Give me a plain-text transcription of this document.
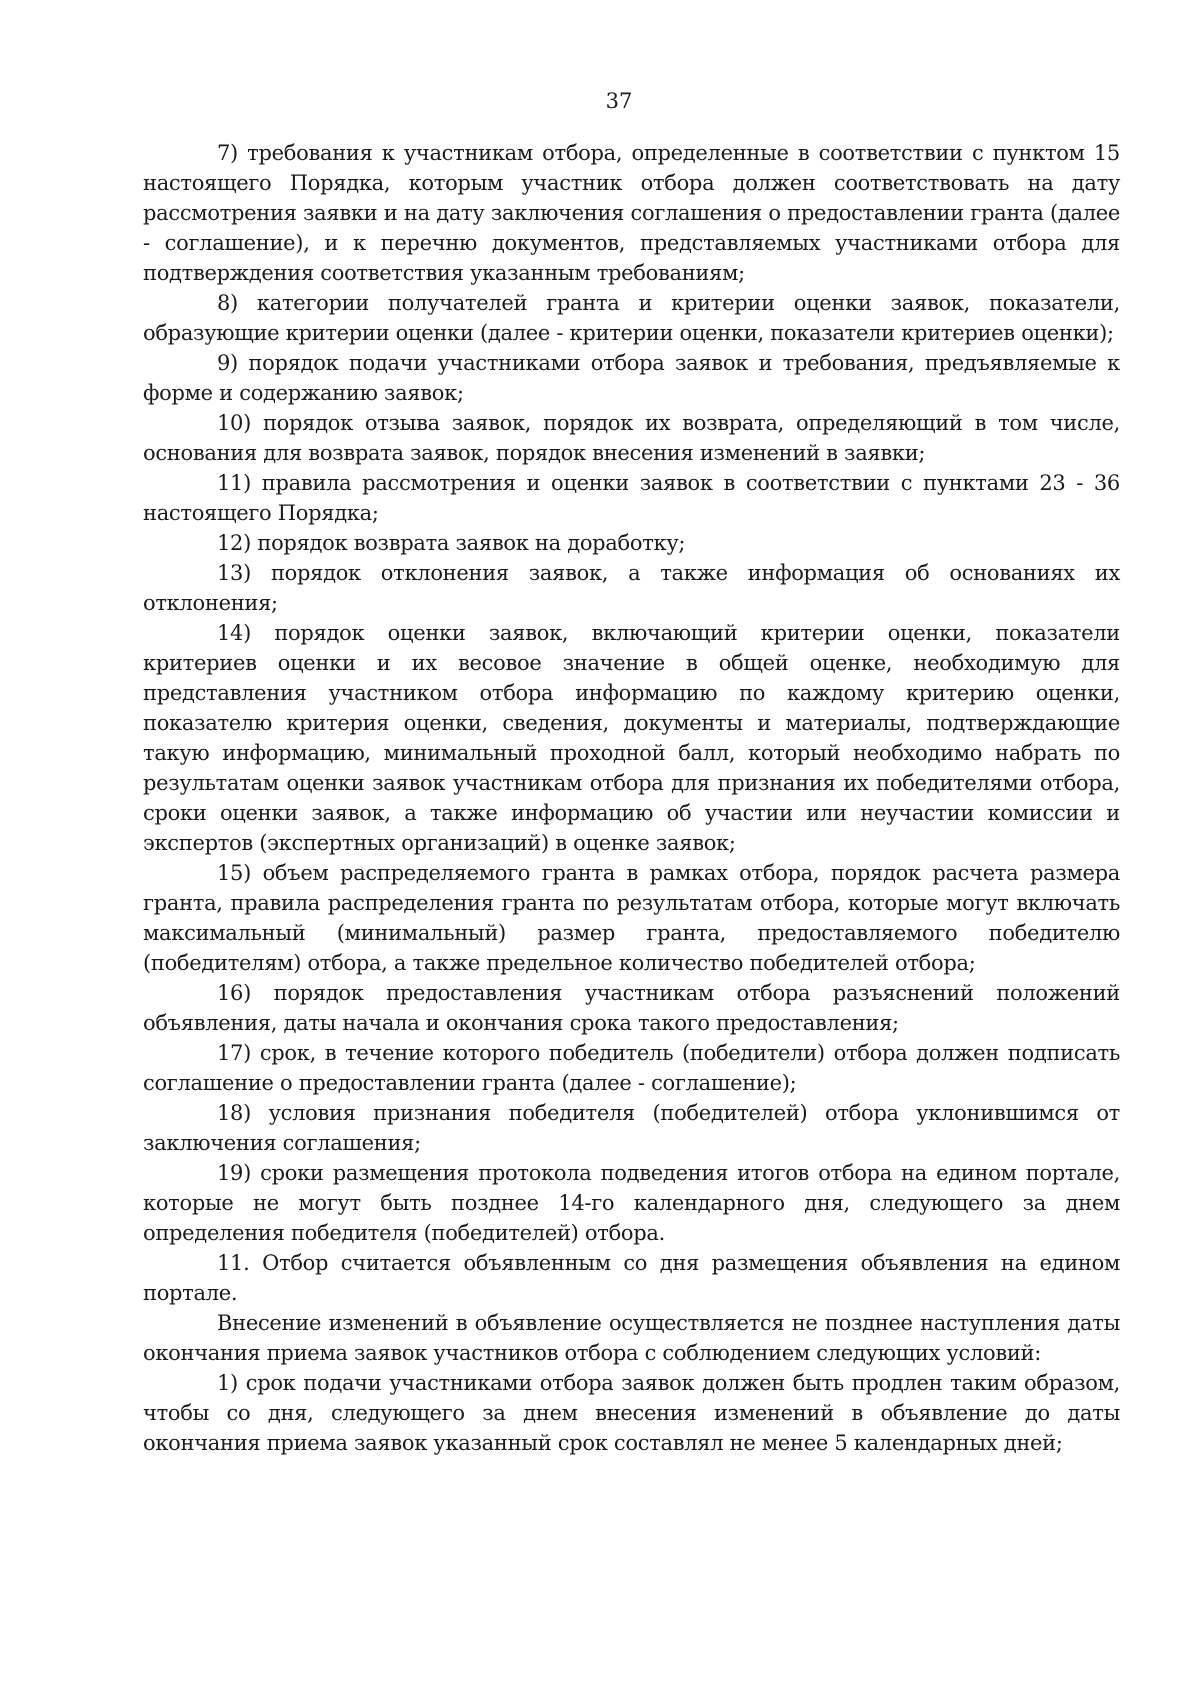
37

7) требования к участникам отбора, определенные в соответствии с пунктом 15 настоящего Порядка, которым участник отбора должен соответствовать на дату рассмотрения заявки и на дату заключения соглашения о предоставлении гранта (далее - соглашение), и к перечню документов, представляемых участниками отбора для подтверждения соответствия указанным требованиям;

8) категории получателей гранта и критерии оценки заявок, показатели, образующие критерии оценки (далее - критерии оценки, показатели критериев оценки);

9) порядок подачи участниками отбора заявок и требования, предъявляемые к форме и содержанию заявок;

10) порядок отзыва заявок, порядок их возврата, определяющий в том числе, основания для возврата заявок, порядок внесения изменений в заявки;

11) правила рассмотрения и оценки заявок в соответствии с пунктами 23 - 36 настоящего Порядка;

12) порядок возврата заявок на доработку;

13) порядок отклонения заявок, а также информация об основаниях их отклонения;

14) порядок оценки заявок, включающий критерии оценки, показатели критериев оценки и их весовое значение в общей оценке, необходимую для представления участником отбора информацию по каждому критерию оценки, показателю критерия оценки, сведения, документы и материалы, подтверждающие такую информацию, минимальный проходной балл, который необходимо набрать по результатам оценки заявок участникам отбора для признания их победителями отбора, сроки оценки заявок, а также информацию об участии или неучастии комиссии и экспертов (экспертных организаций) в оценке заявок;

15) объем распределяемого гранта в рамках отбора, порядок расчета размера гранта, правила распределения гранта по результатам отбора, которые могут включать максимальный (минимальный) размер гранта, предоставляемого победителю (победителям) отбора, а также предельное количество победителей отбора;

16) порядок предоставления участникам отбора разъяснений положений объявления, даты начала и окончания срока такого предоставления;

17) срок, в течение которого победитель (победители) отбора должен подписать соглашение о предоставлении гранта (далее - соглашение);

18) условия признания победителя (победителей) отбора уклонившимся от заключения соглашения;

19) сроки размещения протокола подведения итогов отбора на едином портале, которые не могут быть позднее 14-го календарного дня, следующего за днем определения победителя (победителей) отбора.

11. Отбор считается объявленным со дня размещения объявления на едином портале.

Внесение изменений в объявление осуществляется не позднее наступления даты окончания приема заявок участников отбора с соблюдением следующих условий:

1) срок подачи участниками отбора заявок должен быть продлен таким образом, чтобы со дня, следующего за днем внесения изменений в объявление до даты окончания приема заявок указанный срок составлял не менее 5 календарных дней;
